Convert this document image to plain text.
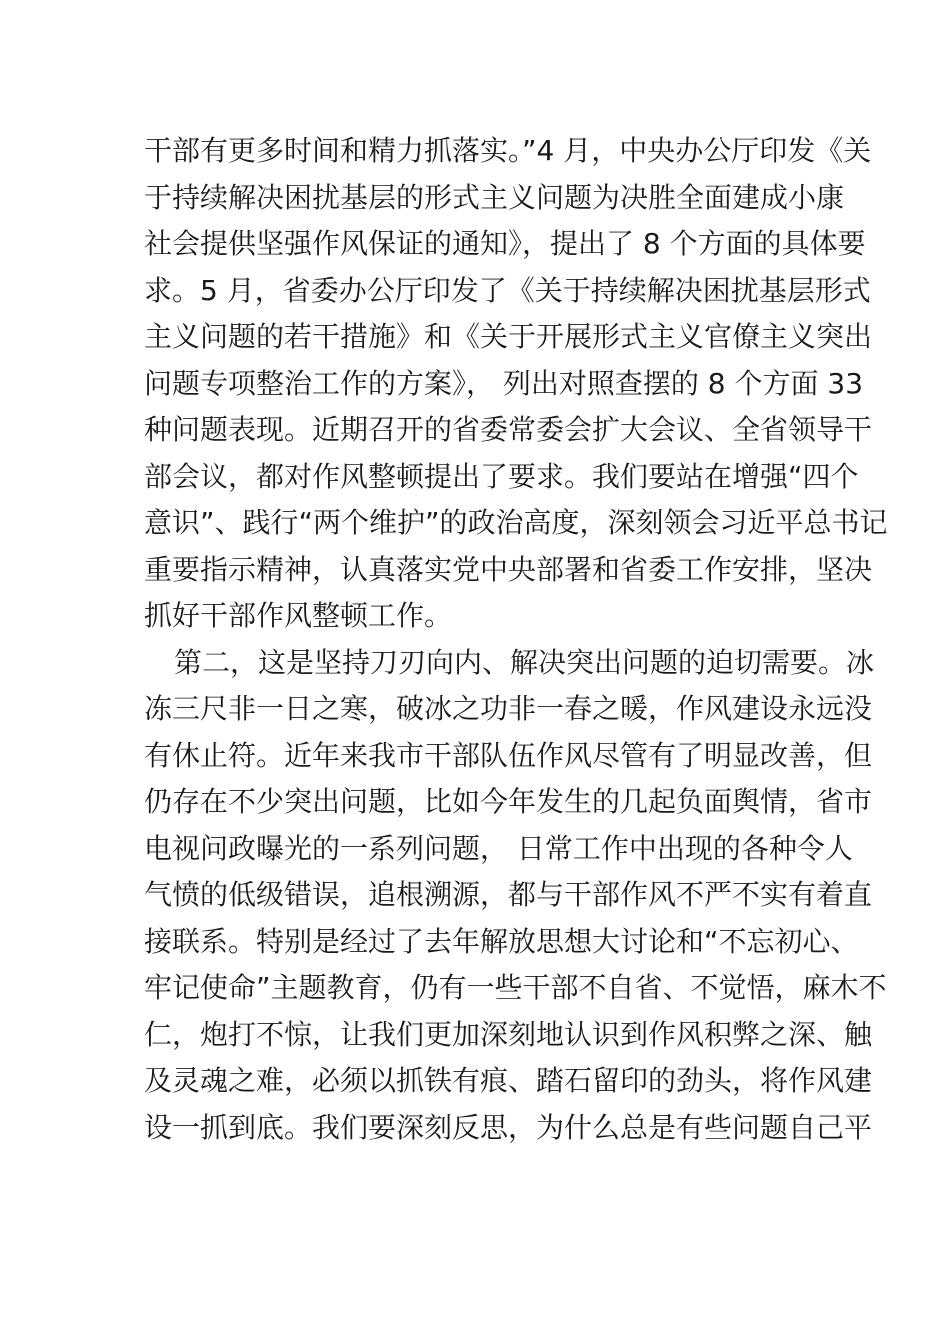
干部有更多时间和精力抓落实。”4 月，中央办公厅印发《关
于持续解决困扰基层的形式主义问题为决胜全面建成小康
社会提供坚强作风保证的通知》，提出了 8 个方面的具体要
求。5 月，省委办公厅印发了《关于持续解决困扰基层形式
主义问题的若干措施》和《关于开展形式主义官僚主义突出
问题专项整治工作的方案》， 列出对照查摆的 8 个方面 33
种问题表现。近期召开的省委常委会扩大会议、全省领导干
部会议，都对作风整顿提出了要求。我们要站在增强“四个
意识”、践行“两个维护”的政治高度，深刻领会习近平总书记
重要指示精神，认真落实党中央部署和省委工作安排，坚决
抓好干部作风整顿工作。
第二，这是坚持刀刃向内、解决突出问题的迫切需要。冰
冻三尺非一日之寒，破冰之功非一春之暖，作风建设永远没
有休止符。近年来我市干部队伍作风尽管有了明显改善，但
仍存在不少突出问题，比如今年发生的几起负面舆情，省市
电视问政曝光的一系列问题， 日常工作中出现的各种令人
气愤的低级错误，追根溯源，都与干部作风不严不实有着直
接联系。特别是经过了去年解放思想大讨论和“不忘初心、
牢记使命”主题教育，仍有一些干部不自省、不觉悟，麻木不
仁，炮打不惊，让我们更加深刻地认识到作风积弊之深、触
及灵魂之难，必须以抓铁有痕、踏石留印的劲头，将作风建
设一抓到底。我们要深刻反思，为什么总是有些问题自己平
